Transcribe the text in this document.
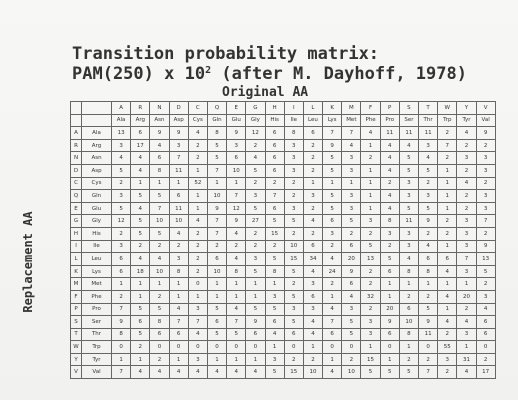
Transition probability matrix:
PAM(250) x $10^2$ (after M. Dayhoff, 1978)
Original AA
Replacement AA
		A	R	N	D	C	Q	E	G	H	I	L	K	M	F	P	S	T	W	Y	V
		Ala	Arg	Asn	Asp	Cys	Gln	Glu	Gly	His	Ile	Leu	Lys	Met	Phe	Pro	Ser	Thr	Trp	Tyr	Val
A	Ala	13	6	9	9	4	8	9	12	6	8	6	7	7	4	11	11	11	2	4	9
R	Arg	3	17	4	3	2	5	3	2	6	3	2	9	4	1	4	4	3	7	2	2
N	Asn	4	4	6	7	2	5	6	4	6	3	2	5	3	2	4	5	4	2	3	3
D	Asp	5	4	8	11	1	7	10	5	6	3	2	5	3	1	4	5	5	1	2	3
C	Cys	2	1	1	1	52	1	1	2	2	2	1	1	1	1	2	3	2	1	4	2
Q	Gln	3	5	5	6	1	10	7	3	7	2	3	5	3	1	4	3	3	1	2	3
E	Glu	5	4	7	11	1	9	12	5	6	3	2	5	3	1	4	5	5	1	2	3
G	Gly	12	5	10	10	4	7	9	27	5	5	4	6	5	3	8	11	9	2	3	7
H	His	2	5	5	4	2	7	4	2	15	2	2	3	2	2	3	3	2	2	3	2
I	Ile	3	2	2	2	2	2	2	2	2	10	6	2	6	5	2	3	4	1	3	9
L	Leu	6	4	4	3	2	6	4	3	5	15	34	4	20	13	5	4	6	6	7	13
K	Lys	6	18	10	8	2	10	8	5	8	5	4	24	9	2	6	8	8	4	3	5
M	Met	1	1	1	1	0	1	1	1	1	2	3	2	6	2	1	1	1	1	1	2
F	Phe	2	1	2	1	1	1	1	1	3	5	6	1	4	32	1	2	2	4	20	3
P	Pro	7	5	5	4	3	5	4	5	5	3	3	4	3	2	20	6	5	1	2	4
S	Ser	9	6	8	7	7	6	7	9	6	5	4	7	5	3	9	10	9	4	4	6
T	Thr	8	5	6	6	4	5	5	6	4	6	4	6	5	3	6	8	11	2	3	6
W	Trp	0	2	0	0	0	0	0	0	1	0	1	0	0	1	0	1	0	55	1	0
Y	Tyr	1	1	2	1	3	1	1	1	3	2	2	1	2	15	1	2	2	3	31	2
V	Val	7	4	4	4	4	4	4	4	5	15	10	4	10	5	5	5	7	2	4	17
